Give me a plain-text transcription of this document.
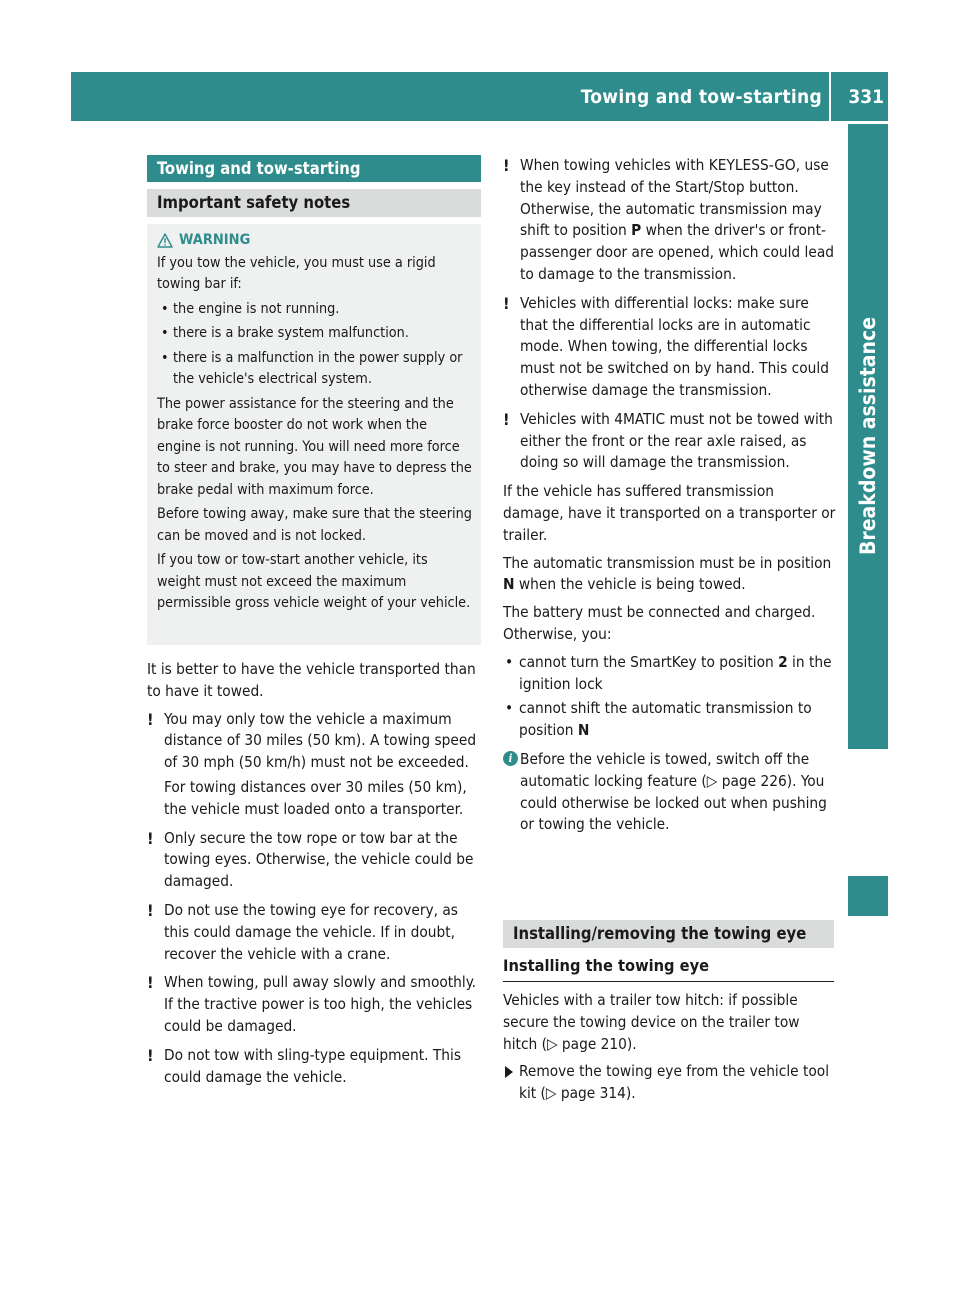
Towing and tow-starting 331
Breakdown assistance
Towing and tow-starting
Important safety notes
WARNING

If you tow the vehicle, you must use a rigid towing bar if:

• the engine is not running.

• there is a brake system malfunction.

• there is a malfunction in the power supply or the vehicle's electrical system.

The power assistance for the steering and the brake force booster do not work when the engine is not running. You will need more force to steer and brake, you may have to depress the brake pedal with maximum force.

Before towing away, make sure that the steering can be moved and is not locked.

If you tow or tow-start another vehicle, its weight must not exceed the maximum permissible gross vehicle weight of your vehicle.

It is better to have the vehicle transported than to have it towed.

! You may only tow the vehicle a maximum distance of 30 miles (50 km). A towing speed of 30 mph (50 km/h) must not be exceeded.
For towing distances over 30 miles (50 km), the vehicle must loaded onto a transporter.
! Only secure the tow rope or tow bar at the towing eyes. Otherwise, the vehicle could be damaged.
! Do not use the towing eye for recovery, as this could damage the vehicle. If in doubt, recover the vehicle with a crane.
! When towing, pull away slowly and smoothly. If the tractive power is too high, the vehicles could be damaged.
! Do not tow with sling-type equipment. This could damage the vehicle.
! When towing vehicles with KEYLESS-GO, use the key instead of the Start/Stop button. Otherwise, the automatic transmission may shift to position P when the driver's or front-passenger door are opened, which could lead to damage to the transmission.
! Vehicles with differential locks: make sure that the differential locks are in automatic mode. When towing, the differential locks must not be switched on by hand. This could otherwise damage the transmission.
! Vehicles with 4MATIC must not be towed with either the front or the rear axle raised, as doing so will damage the transmission.

If the vehicle has suffered transmission damage, have it transported on a transporter or trailer.

The automatic transmission must be in position N when the vehicle is being towed.

The battery must be connected and charged. Otherwise, you:

• cannot turn the SmartKey to position 2 in the ignition lock
• cannot shift the automatic transmission to position N
i Before the vehicle is towed, switch off the automatic locking feature (▷ page 226). You could otherwise be locked out when pushing or towing the vehicle.
Installing/removing the towing eye
Installing the towing eye

Vehicles with a trailer tow hitch: if possible secure the towing device on the trailer tow hitch (▷ page 210).

Remove the towing eye from the vehicle tool kit (▷ page 314).
